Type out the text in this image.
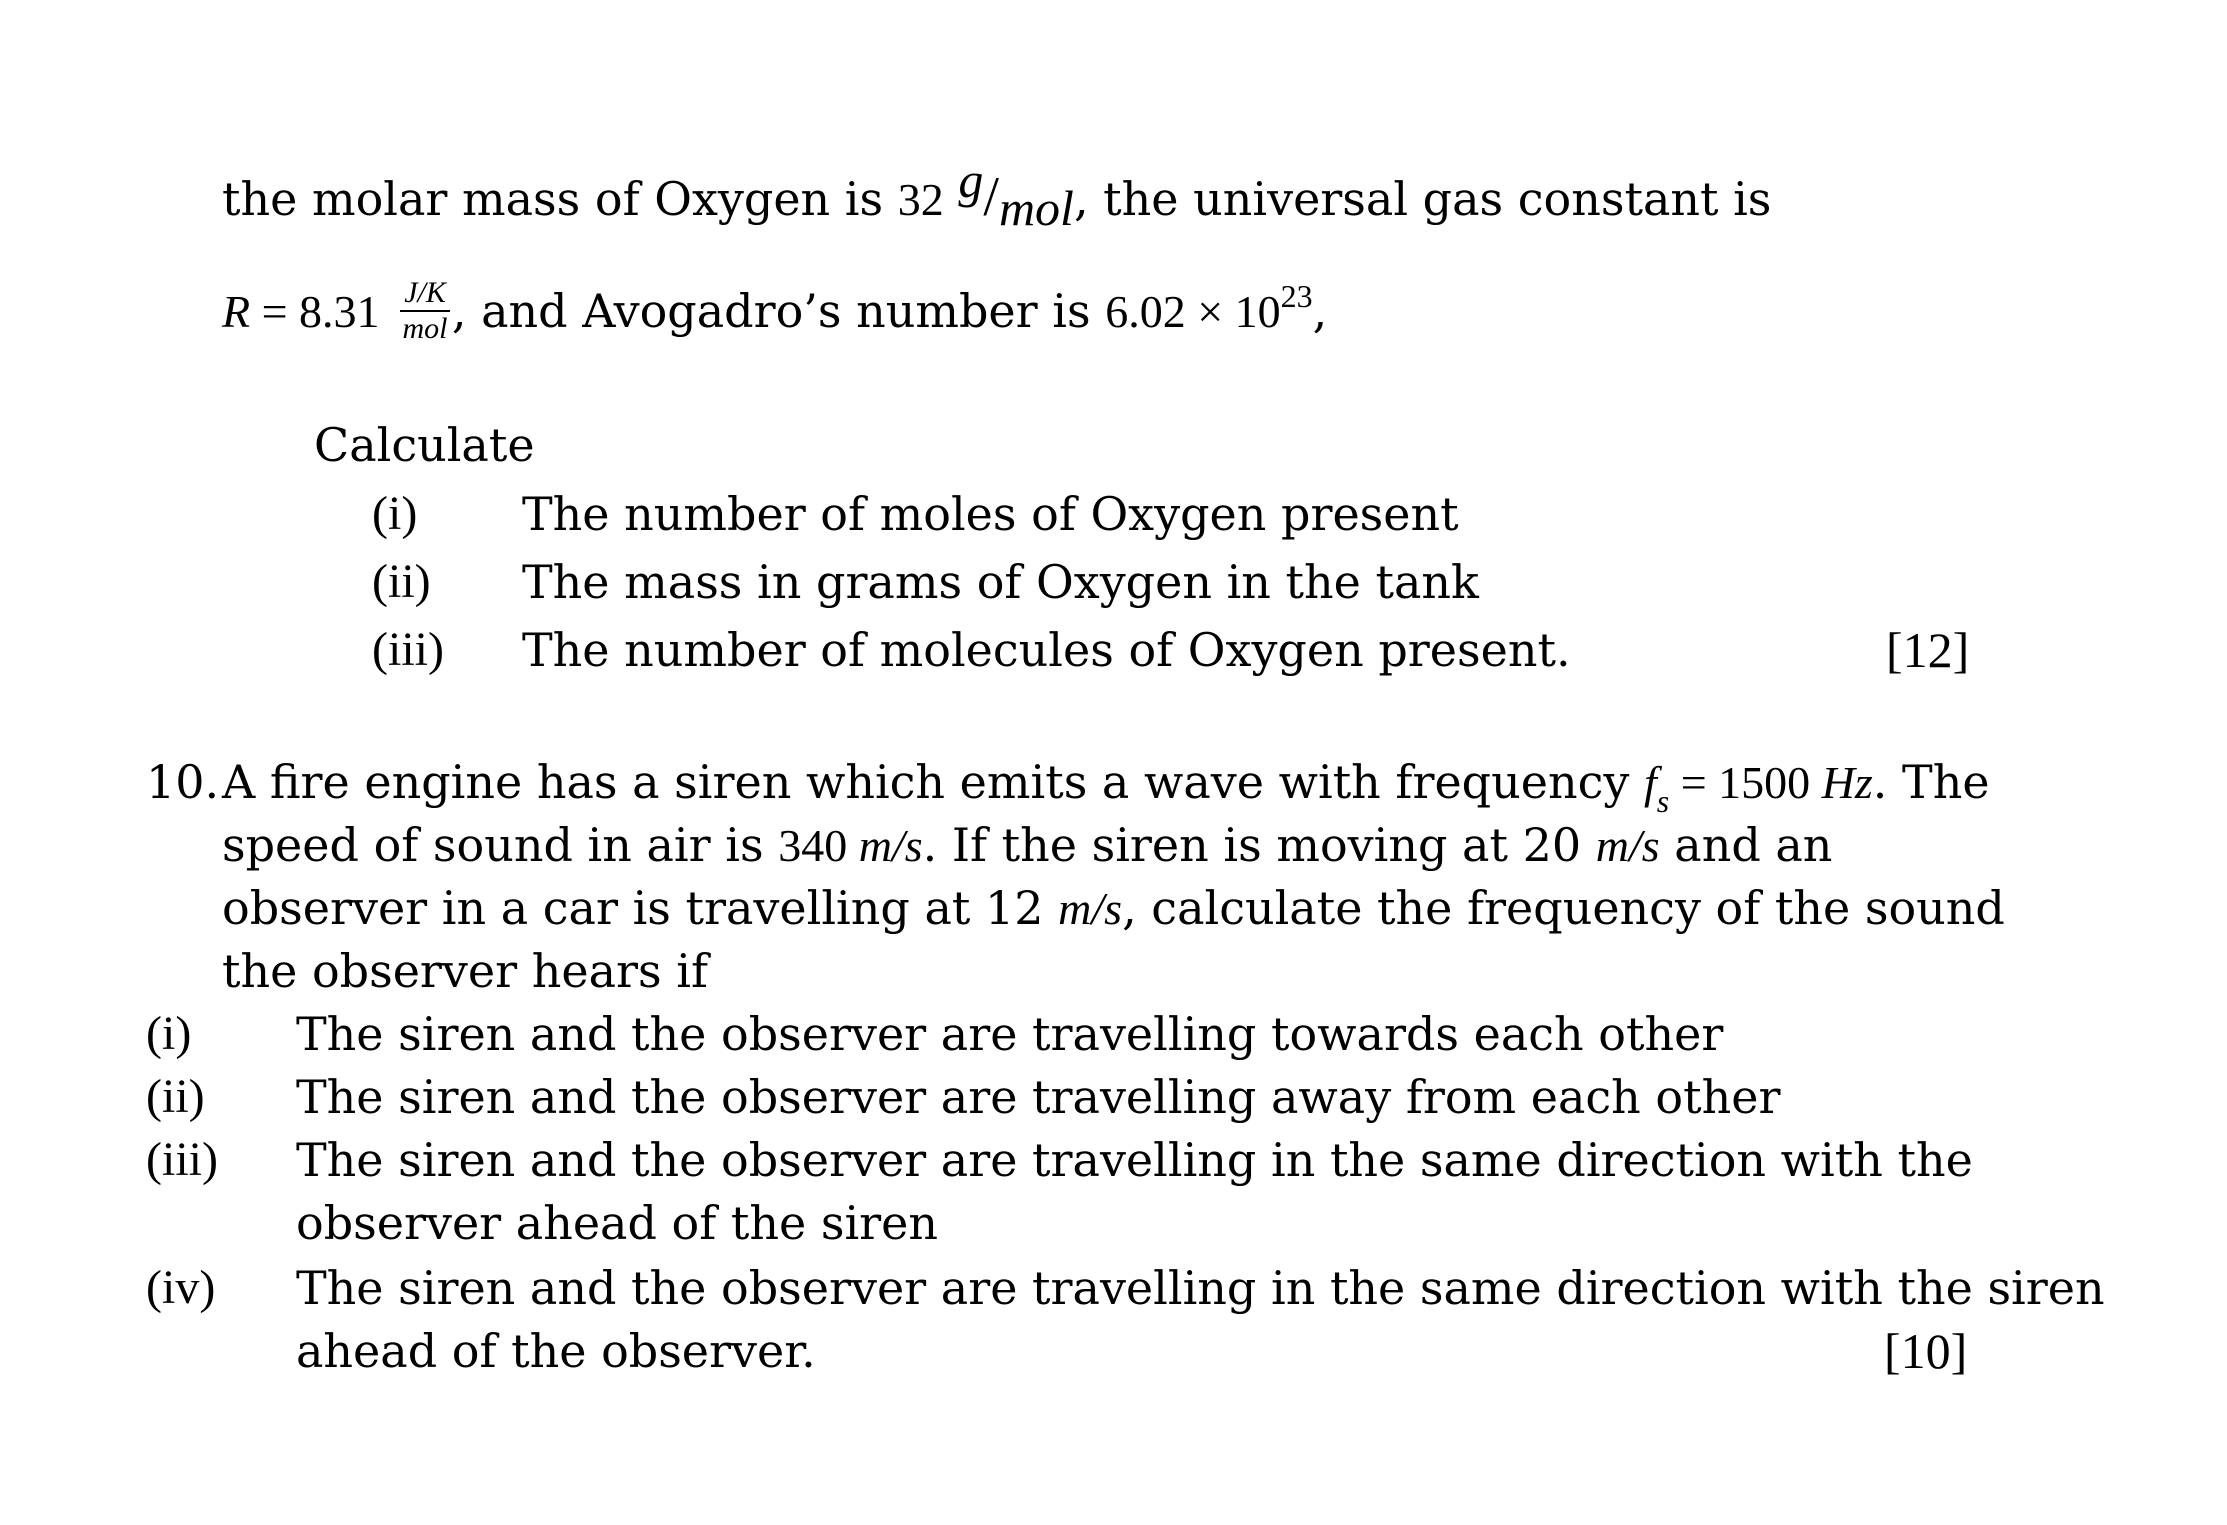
the molar mass of Oxygen is 32 g/mol, the universal gas constant is
$R = 8.31 \frac{J/K}{\text{mol}}$ , and Avogadro’s number is $6.02 \times 10^{23}$,
Calculate
(i) The number of moles of Oxygen present
(ii) The mass in grams of Oxygen in the tank
(iii) The number of molecules of Oxygen present.	[12]
10. A fire engine has a siren which emits a wave with frequency $f_s = 1500$ Hz. The
speed of sound in air is 340 m/s. If the siren is moving at 20 m/s and an
observer in a car is travelling at 12 m/s, calculate the frequency of the sound
the observer hears if
(i) The siren and the observer are travelling towards each other
(ii) The siren and the observer are travelling away from each other
(iii) The siren and the observer are travelling in the same direction with the
observer ahead of the siren
(iv) The siren and the observer are travelling in the same direction with the siren
ahead of the observer.	[10]
